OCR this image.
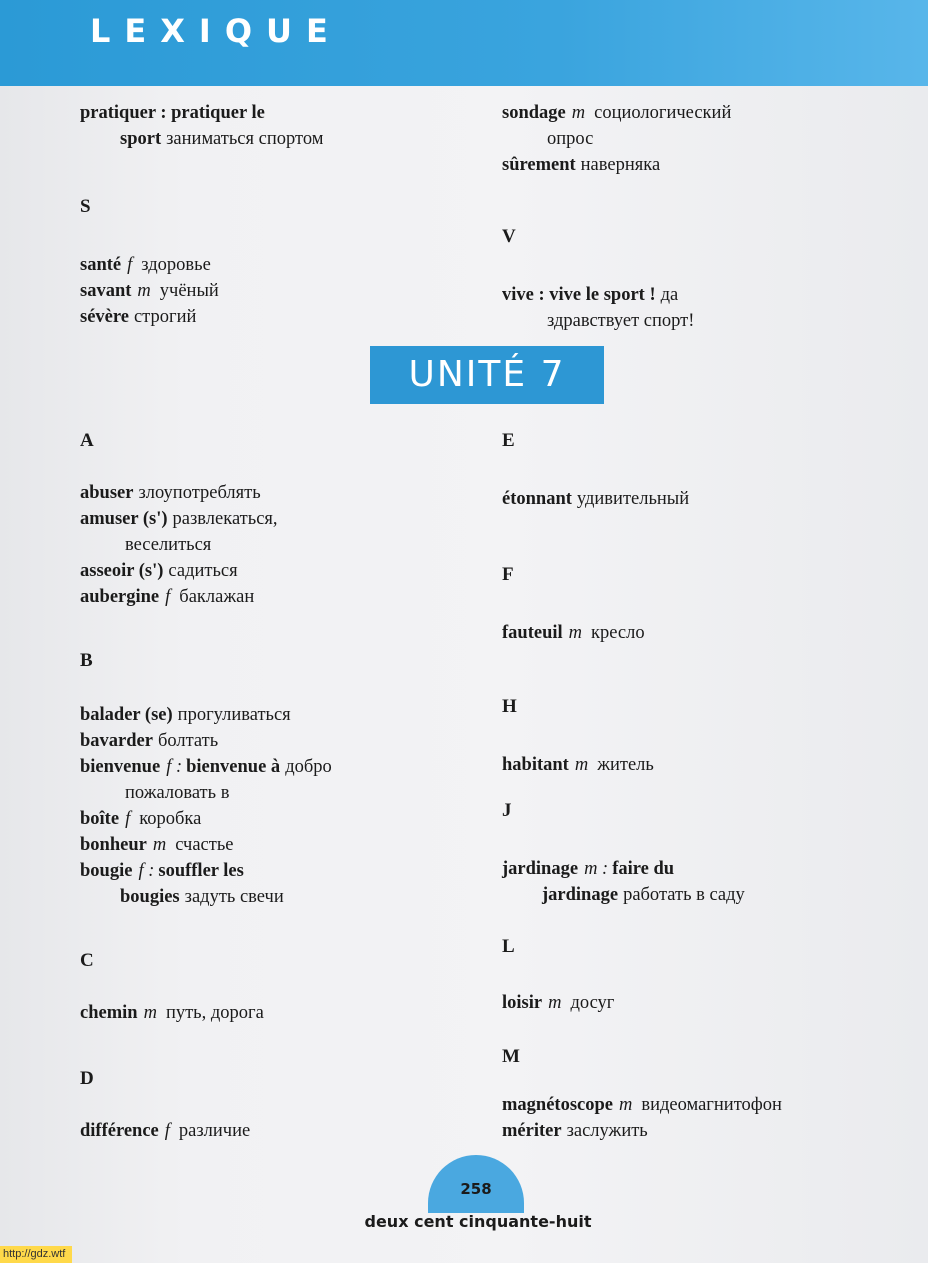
LEXIQUE
pratiquer : pratiquer le
sport заниматься спортом
S
santé f здоровье
savant m учёный
sévère строгий
A
abuser злоупотреблять
amuser (s') развлекаться,
веселиться
asseoir (s') садиться
aubergine f баклажан
B
balader (se) прогуливаться
bavarder болтать
bienvenue f : bienvenue à добро
пожаловать в
boîte f коробка
bonheur m счастье
bougie f : souffler les
bougies задуть свечи
C
chemin m путь, дорога
D
différence f различие
sondage m социологический
опрос
sûrement наверняка
V
vive : vive le sport ! да
здравствует спорт!
E
étonnant удивительный
F
fauteuil m кресло
H
habitant m житель
J
jardinage m : faire du
jardinage работать в саду
L
loisir m досуг
M
magnétoscope m видеомагнитофон
mériter заслужить
UNITÉ 7
258
deux cent cinquante-huit
http://gdz.wtf
